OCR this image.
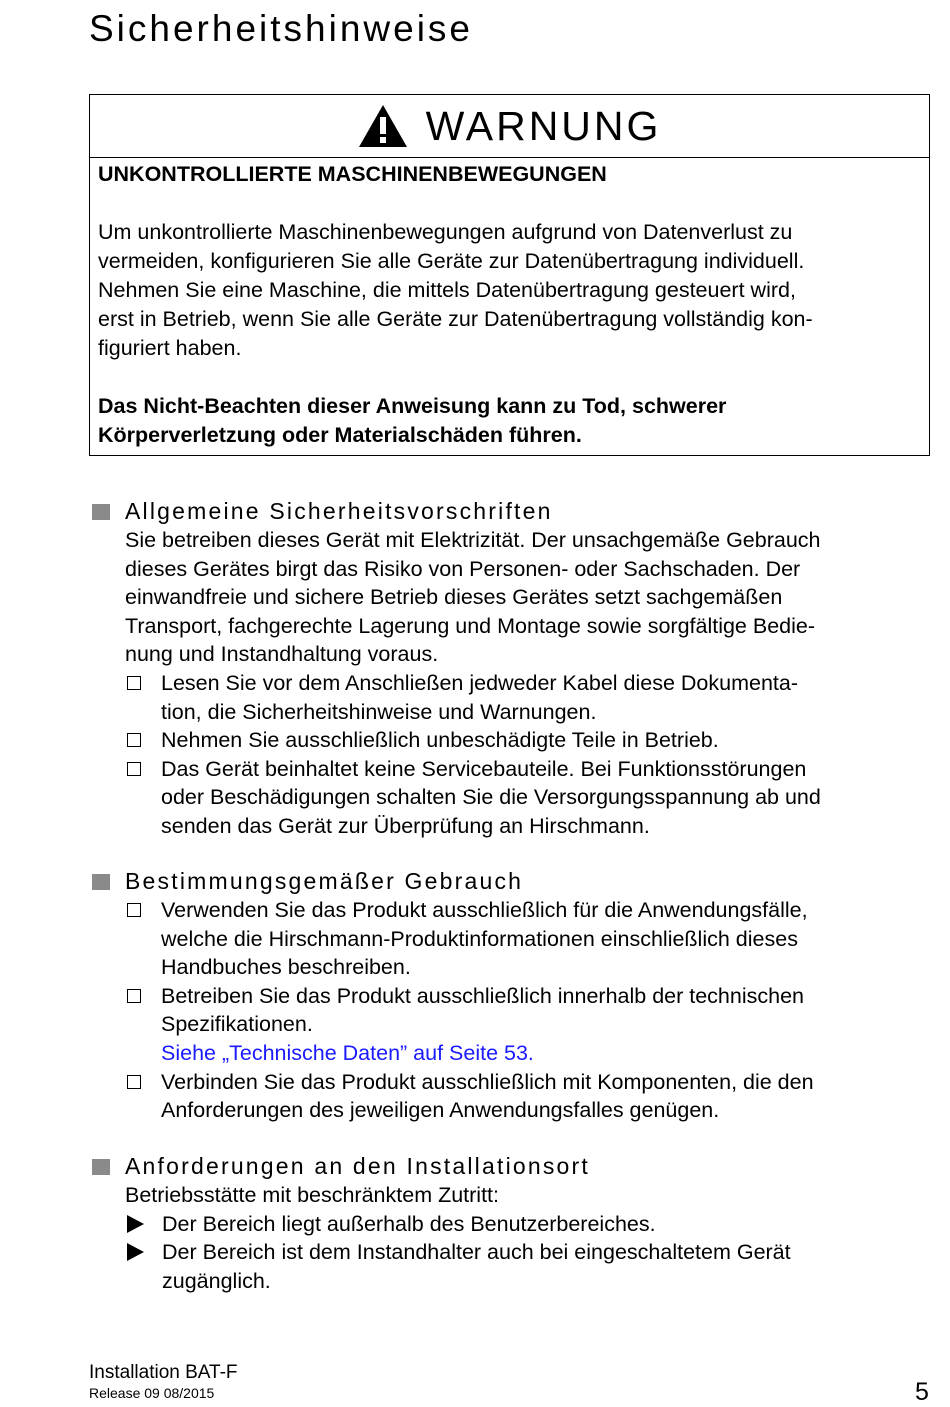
Sicherheitshinweise
WARNUNG

UNKONTROLLIERTE MASCHINENBEWEGUNGEN

Um unkontrollierte Maschinenbewegungen aufgrund von Datenverlust zu

vermeiden, konfigurieren Sie alle Geräte zur Datenübertragung individuell.

Nehmen Sie eine Maschine, die mittels Datenübertragung gesteuert wird,

erst in Betrieb, wenn Sie alle Geräte zur Datenübertragung vollständig kon-

figuriert haben.

Das Nicht-Beachten dieser Anweisung kann zu Tod, schwerer

Körperverletzung oder Materialschäden führen.

Allgemeine Sicherheitsvorschriften
Sie betreiben dieses Gerät mit Elektrizität. Der unsachgemäße Gebrauch
dieses Gerätes birgt das Risiko von Personen- oder Sachschaden. Der
einwandfreie und sichere Betrieb dieses Gerätes setzt sachgemäßen
Transport, fachgerechte Lagerung und Montage sowie sorgfältige Bedie-
nung und Instandhaltung voraus.
Lesen Sie vor dem Anschließen jedweder Kabel diese Dokumenta-
tion, die Sicherheitshinweise und Warnungen.
Nehmen Sie ausschließlich unbeschädigte Teile in Betrieb.
Das Gerät beinhaltet keine Servicebauteile. Bei Funktionsstörungen
oder Beschädigungen schalten Sie die Versorgungsspannung ab und
senden das Gerät zur Überprüfung an Hirschmann.
Bestimmungsgemäßer Gebrauch
Verwenden Sie das Produkt ausschließlich für die Anwendungsfälle,
welche die Hirschmann-Produktinformationen einschließlich dieses
Handbuches beschreiben.
Betreiben Sie das Produkt ausschließlich innerhalb der technischen
Spezifikationen.
Siehe „Technische Daten” auf Seite 53.
Verbinden Sie das Produkt ausschließlich mit Komponenten, die den
Anforderungen des jeweiligen Anwendungsfalles genügen.
Anforderungen an den Installationsort
Betriebsstätte mit beschränktem Zutritt:
Der Bereich liegt außerhalb des Benutzerbereiches.
Der Bereich ist dem Instandhalter auch bei eingeschaltetem Gerät
zugänglich.
Installation BAT-F
Release 09 08/2015	5
